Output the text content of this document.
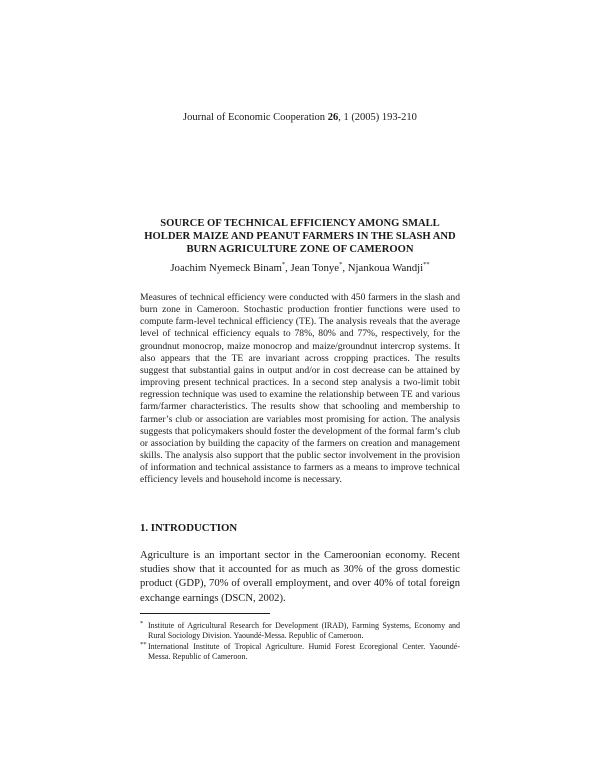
Journal of Economic Cooperation 26, 1 (2005) 193-210
SOURCE OF TECHNICAL EFFICIENCY AMONG SMALL HOLDER MAIZE AND PEANUT FARMERS IN THE SLASH AND BURN AGRICULTURE ZONE OF CAMEROON
Joachim Nyemeck Binam*, Jean Tonye*, Njankoua Wandji**
Measures of technical efficiency were conducted with 450 farmers in the slash and burn zone in Cameroon. Stochastic production frontier functions were used to compute farm-level technical efficiency (TE). The analysis reveals that the average level of technical efficiency equals to 78%, 80% and 77%, respectively, for the groundnut monocrop, maize monocrop and maize/groundnut intercrop systems. It also appears that the TE are invariant across cropping practices. The results suggest that substantial gains in output and/or in cost decrease can be attained by improving present technical practices. In a second step analysis a two-limit tobit regression technique was used to examine the relationship between TE and various farm/farmer characteristics. The results show that schooling and membership to farmer’s club or association are variables most promising for action. The analysis suggests that policymakers should foster the development of the formal farm’s club or association by building the capacity of the farmers on creation and management skills. The analysis also support that the public sector involvement in the provision of information and technical assistance to farmers as a means to improve technical efficiency levels and household income is necessary.
1. INTRODUCTION
Agriculture is an important sector in the Cameroonian economy. Recent studies show that it accounted for as much as 30% of the gross domestic product (GDP), 70% of overall employment, and over 40% of total foreign exchange earnings (DSCN, 2002).
* Institute of Agricultural Research for Development (IRAD), Farming Systems, Economy and Rural Sociology Division. Yaoundé-Messa. Republic of Cameroon.
** International Institute of Tropical Agriculture. Humid Forest Ecoregional Center. Yaoundé-Messa. Republic of Cameroon.
